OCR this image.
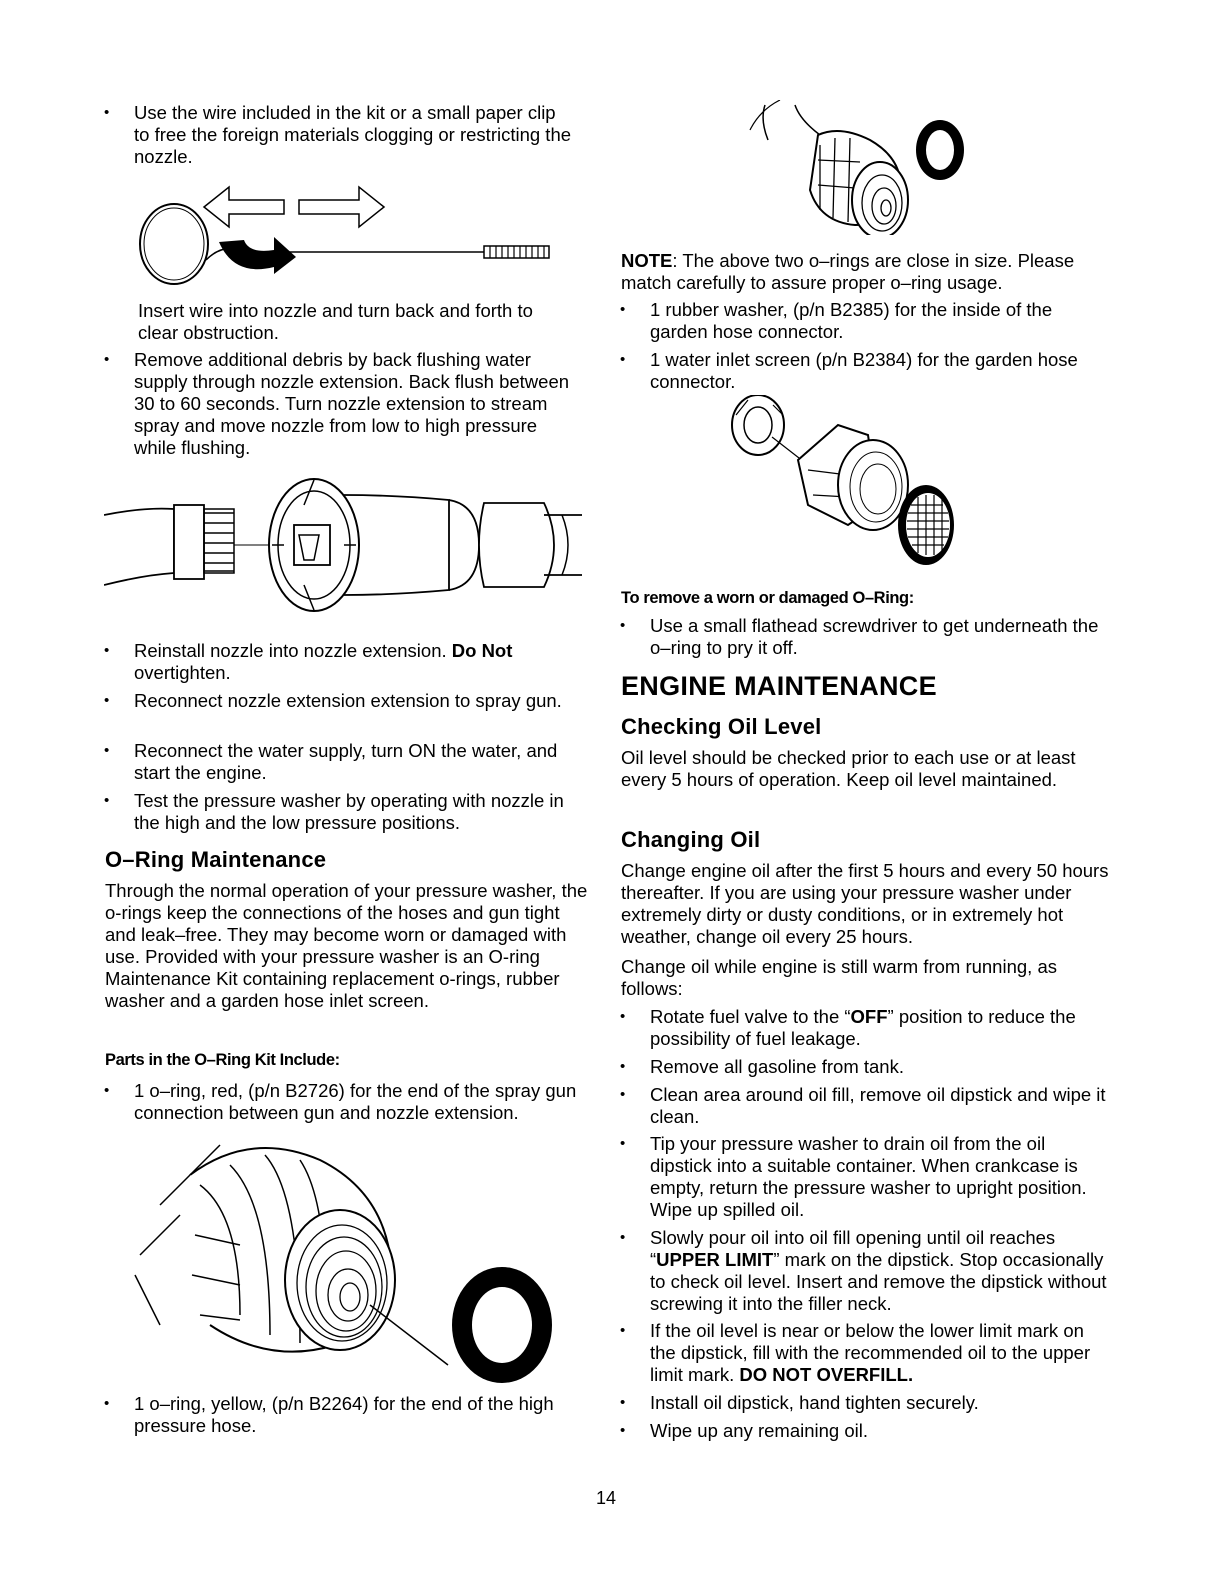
• Use the wire included in the kit or a small paper clip to free the foreign materials clogging or restricting the nozzle.
Insert wire into nozzle and turn back and forth to clear obstruction.
• Remove additional debris by back flushing water supply through nozzle extension. Back flush between 30 to 60 seconds. Turn nozzle extension to stream spray and move nozzle from low to high pressure while flushing.
• Reinstall nozzle into nozzle extension. Do Not overtighten.
• Reconnect nozzle extension extension to spray gun.
• Reconnect the water supply, turn ON the water, and start the engine.
• Test the pressure washer by operating with nozzle in the high and the low pressure positions.
O–Ring Maintenance
Through the normal operation of your pressure washer, the o-rings keep the connections of the hoses and gun tight and leak–free. They may become worn or damaged with use. Provided with your pressure washer is an O-ring Maintenance Kit containing replacement o-rings, rubber washer and a garden hose inlet screen.
Parts in the O–Ring Kit Include:
• 1 o–ring, red, (p/n B2726) for the end of the spray gun connection between gun and nozzle extension.
• 1 o–ring, yellow, (p/n B2264) for the end of the high pressure hose.
NOTE: The above two o–rings are close in size. Please match carefully to assure proper o–ring usage.
• 1 rubber washer, (p/n B2385) for the inside of the garden hose connector.
• 1 water inlet screen (p/n B2384) for the garden hose connector.
To remove a worn or damaged O–Ring:
• Use a small flathead screwdriver to get underneath the o–ring to pry it off.
ENGINE MAINTENANCE
Checking Oil Level
Oil level should be checked prior to each use or at least every 5 hours of operation. Keep oil level maintained.
Changing Oil
Change engine oil after the first 5 hours and every 50 hours thereafter. If you are using your pressure washer under extremely dirty or dusty conditions, or in extremely hot weather, change oil every 25 hours.
Change oil while engine is still warm from running, as follows:
• Rotate fuel valve to the “OFF” position to reduce the possibility of fuel leakage.
• Remove all gasoline from tank.
• Clean area around oil fill, remove oil dipstick and wipe it clean.
• Tip your pressure washer to drain oil from the oil dipstick into a suitable container. When crankcase is empty, return the pressure washer to upright position. Wipe up spilled oil.
• Slowly pour oil into oil fill opening until oil reaches “UPPER LIMIT” mark on the dipstick. Stop occasionally to check oil level. Insert and remove the dipstick without screwing it into the filler neck.
• If the oil level is near or below the lower limit mark on the dipstick, fill with the recommended oil to the upper limit mark. DO NOT OVERFILL.
• Install oil dipstick, hand tighten securely.
• Wipe up any remaining oil.
14
